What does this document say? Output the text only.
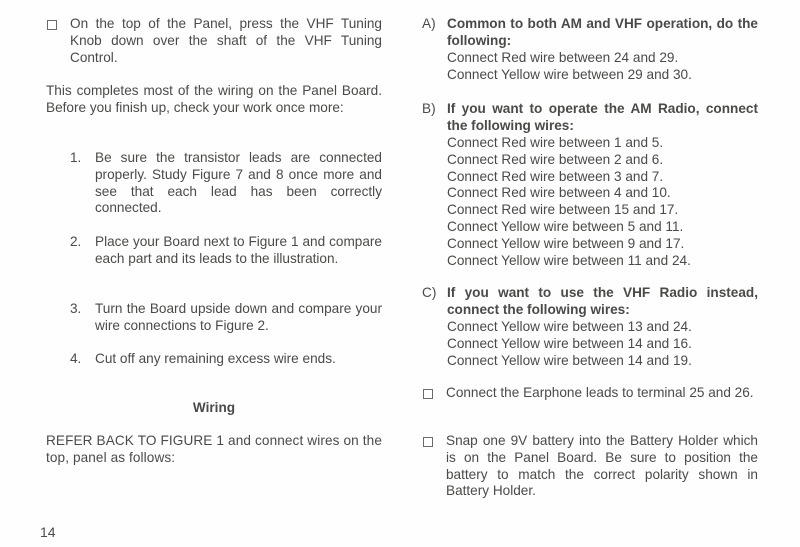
On the top of the Panel, press the VHF Tuning Knob down over the shaft of the VHF Tuning Control.
This completes most of the wiring on the Panel Board. Before you finish up, check your work once more:
1.	Be sure the transistor leads are connected properly. Study Figure 7 and 8 once more and see that each lead has been correctly connected.
2.	Place your Board next to Figure 1 and compare each part and its leads to the illustration.
3.	Turn the Board upside down and compare your wire connections to Figure 2.
4.	Cut off any remaining excess wire ends.
Wiring
REFER BACK TO FIGURE 1 and connect wires on the top, panel as follows:
A) Common to both AM and VHF operation, do the following:
Connect Red wire between 24 and 29.
Connect Yellow wire between 29 and 30.
B) If you want to operate the AM Radio, connect the following wires:
Connect Red wire between 1 and 5.
Connect Red wire between 2 and 6.
Connect Red wire between 3 and 7.
Connect Red wire between 4 and 10.
Connect Red wire between 15 and 17.
Connect Yellow wire between 5 and 11.
Connect Yellow wire between 9 and 17.
Connect Yellow wire between 11 and 24.
C) If you want to use the VHF Radio instead, connect the following wires:
Connect Yellow wire between 13 and 24.
Connect Yellow wire between 14 and 16.
Connect Yellow wire between 14 and 19.
Connect the Earphone leads to terminal 25 and 26.
Snap one 9V battery into the Battery Holder which is on the Panel Board. Be sure to position the battery to match the correct polarity shown in Battery Holder.
14
